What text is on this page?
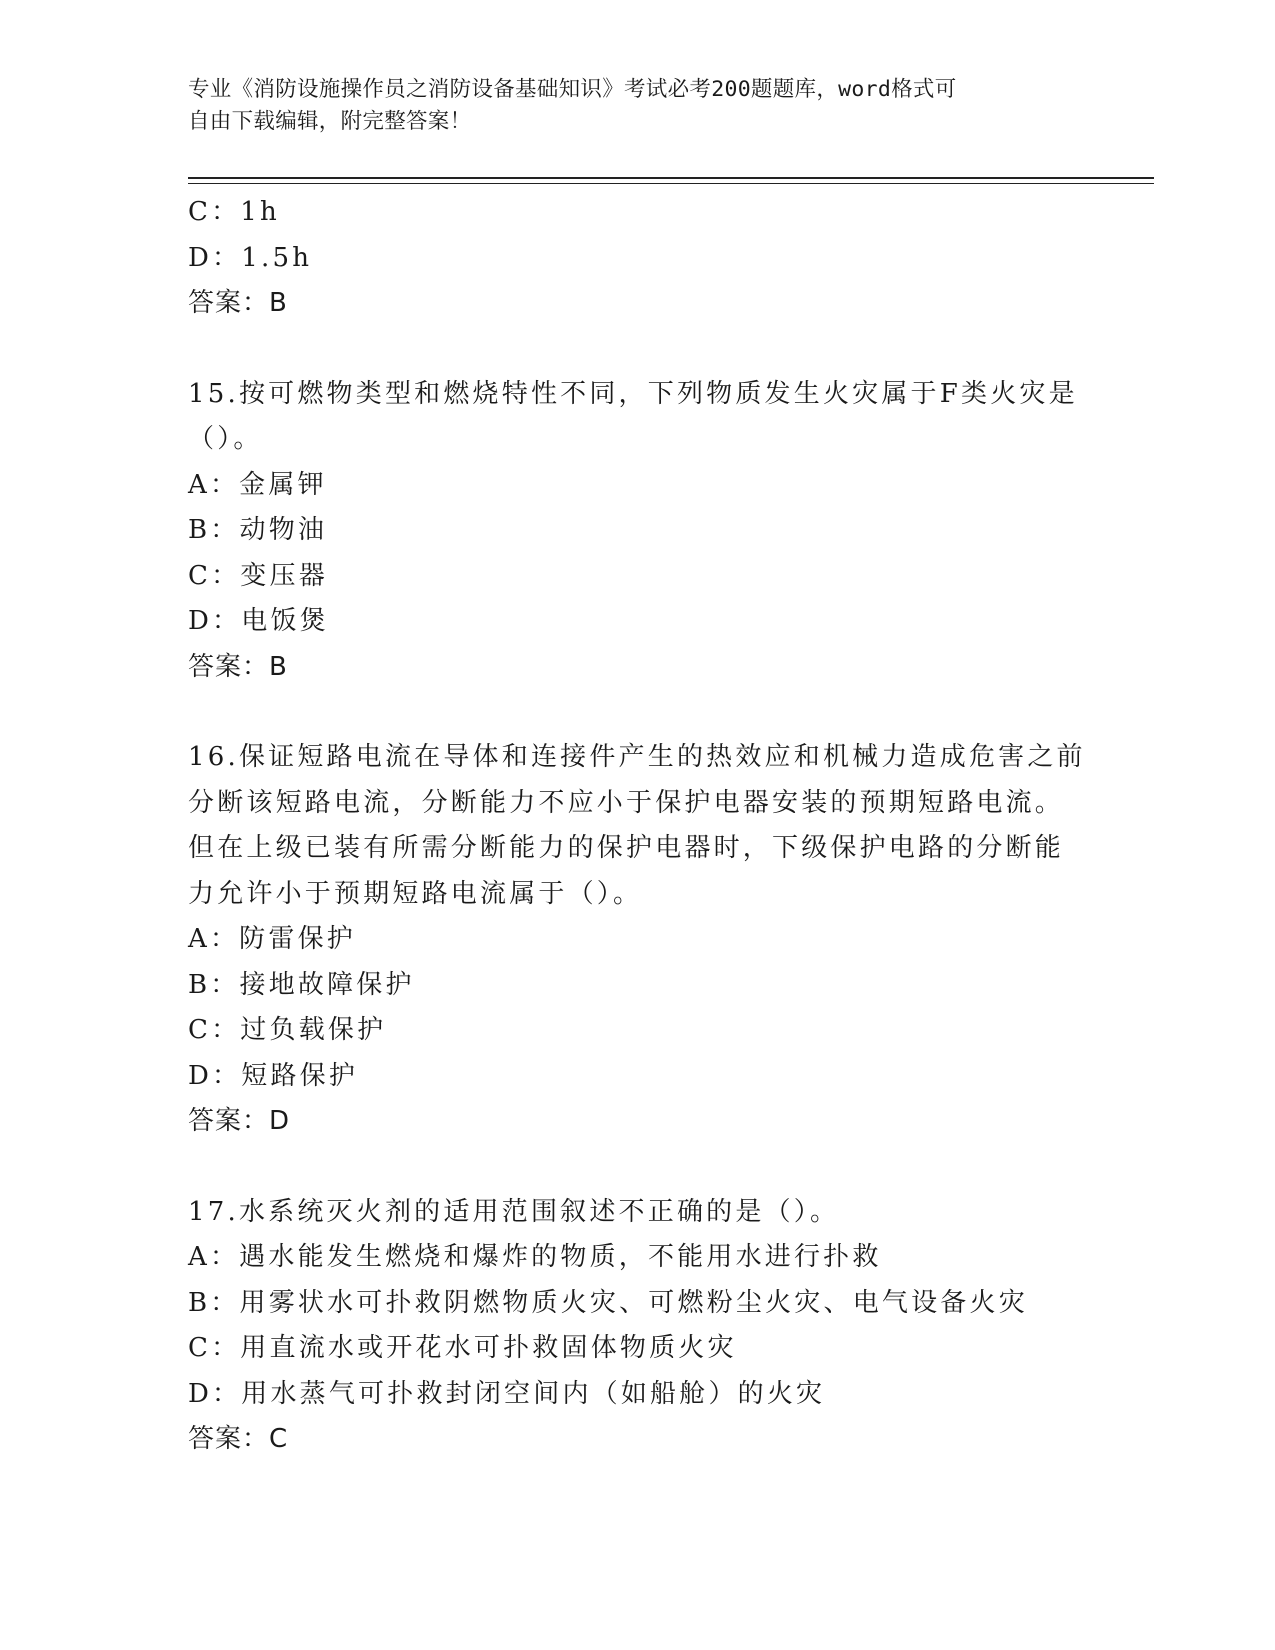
专业《消防设施操作员之消防设备基础知识》考试必考200题题库，word格式可
自由下载编辑，附完整答案！
C：1h
D：1.5h
答案：B
15.按可燃物类型和燃烧特性不同，下列物质发生火灾属于F类火灾是
（）。
A：金属钾
B：动物油
C：变压器
D：电饭煲
答案：B
16.保证短路电流在导体和连接件产生的热效应和机械力造成危害之前
分断该短路电流，分断能力不应小于保护电器安装的预期短路电流。
但在上级已装有所需分断能力的保护电器时，下级保护电路的分断能
力允许小于预期短路电流属于（）。
A：防雷保护
B：接地故障保护
C：过负载保护
D：短路保护
答案：D
17.水系统灭火剂的适用范围叙述不正确的是（）。
A：遇水能发生燃烧和爆炸的物质，不能用水进行扑救
B：用雾状水可扑救阴燃物质火灾、可燃粉尘火灾、电气设备火灾
C：用直流水或开花水可扑救固体物质火灾
D：用水蒸气可扑救封闭空间内（如船舱）的火灾
答案：C
